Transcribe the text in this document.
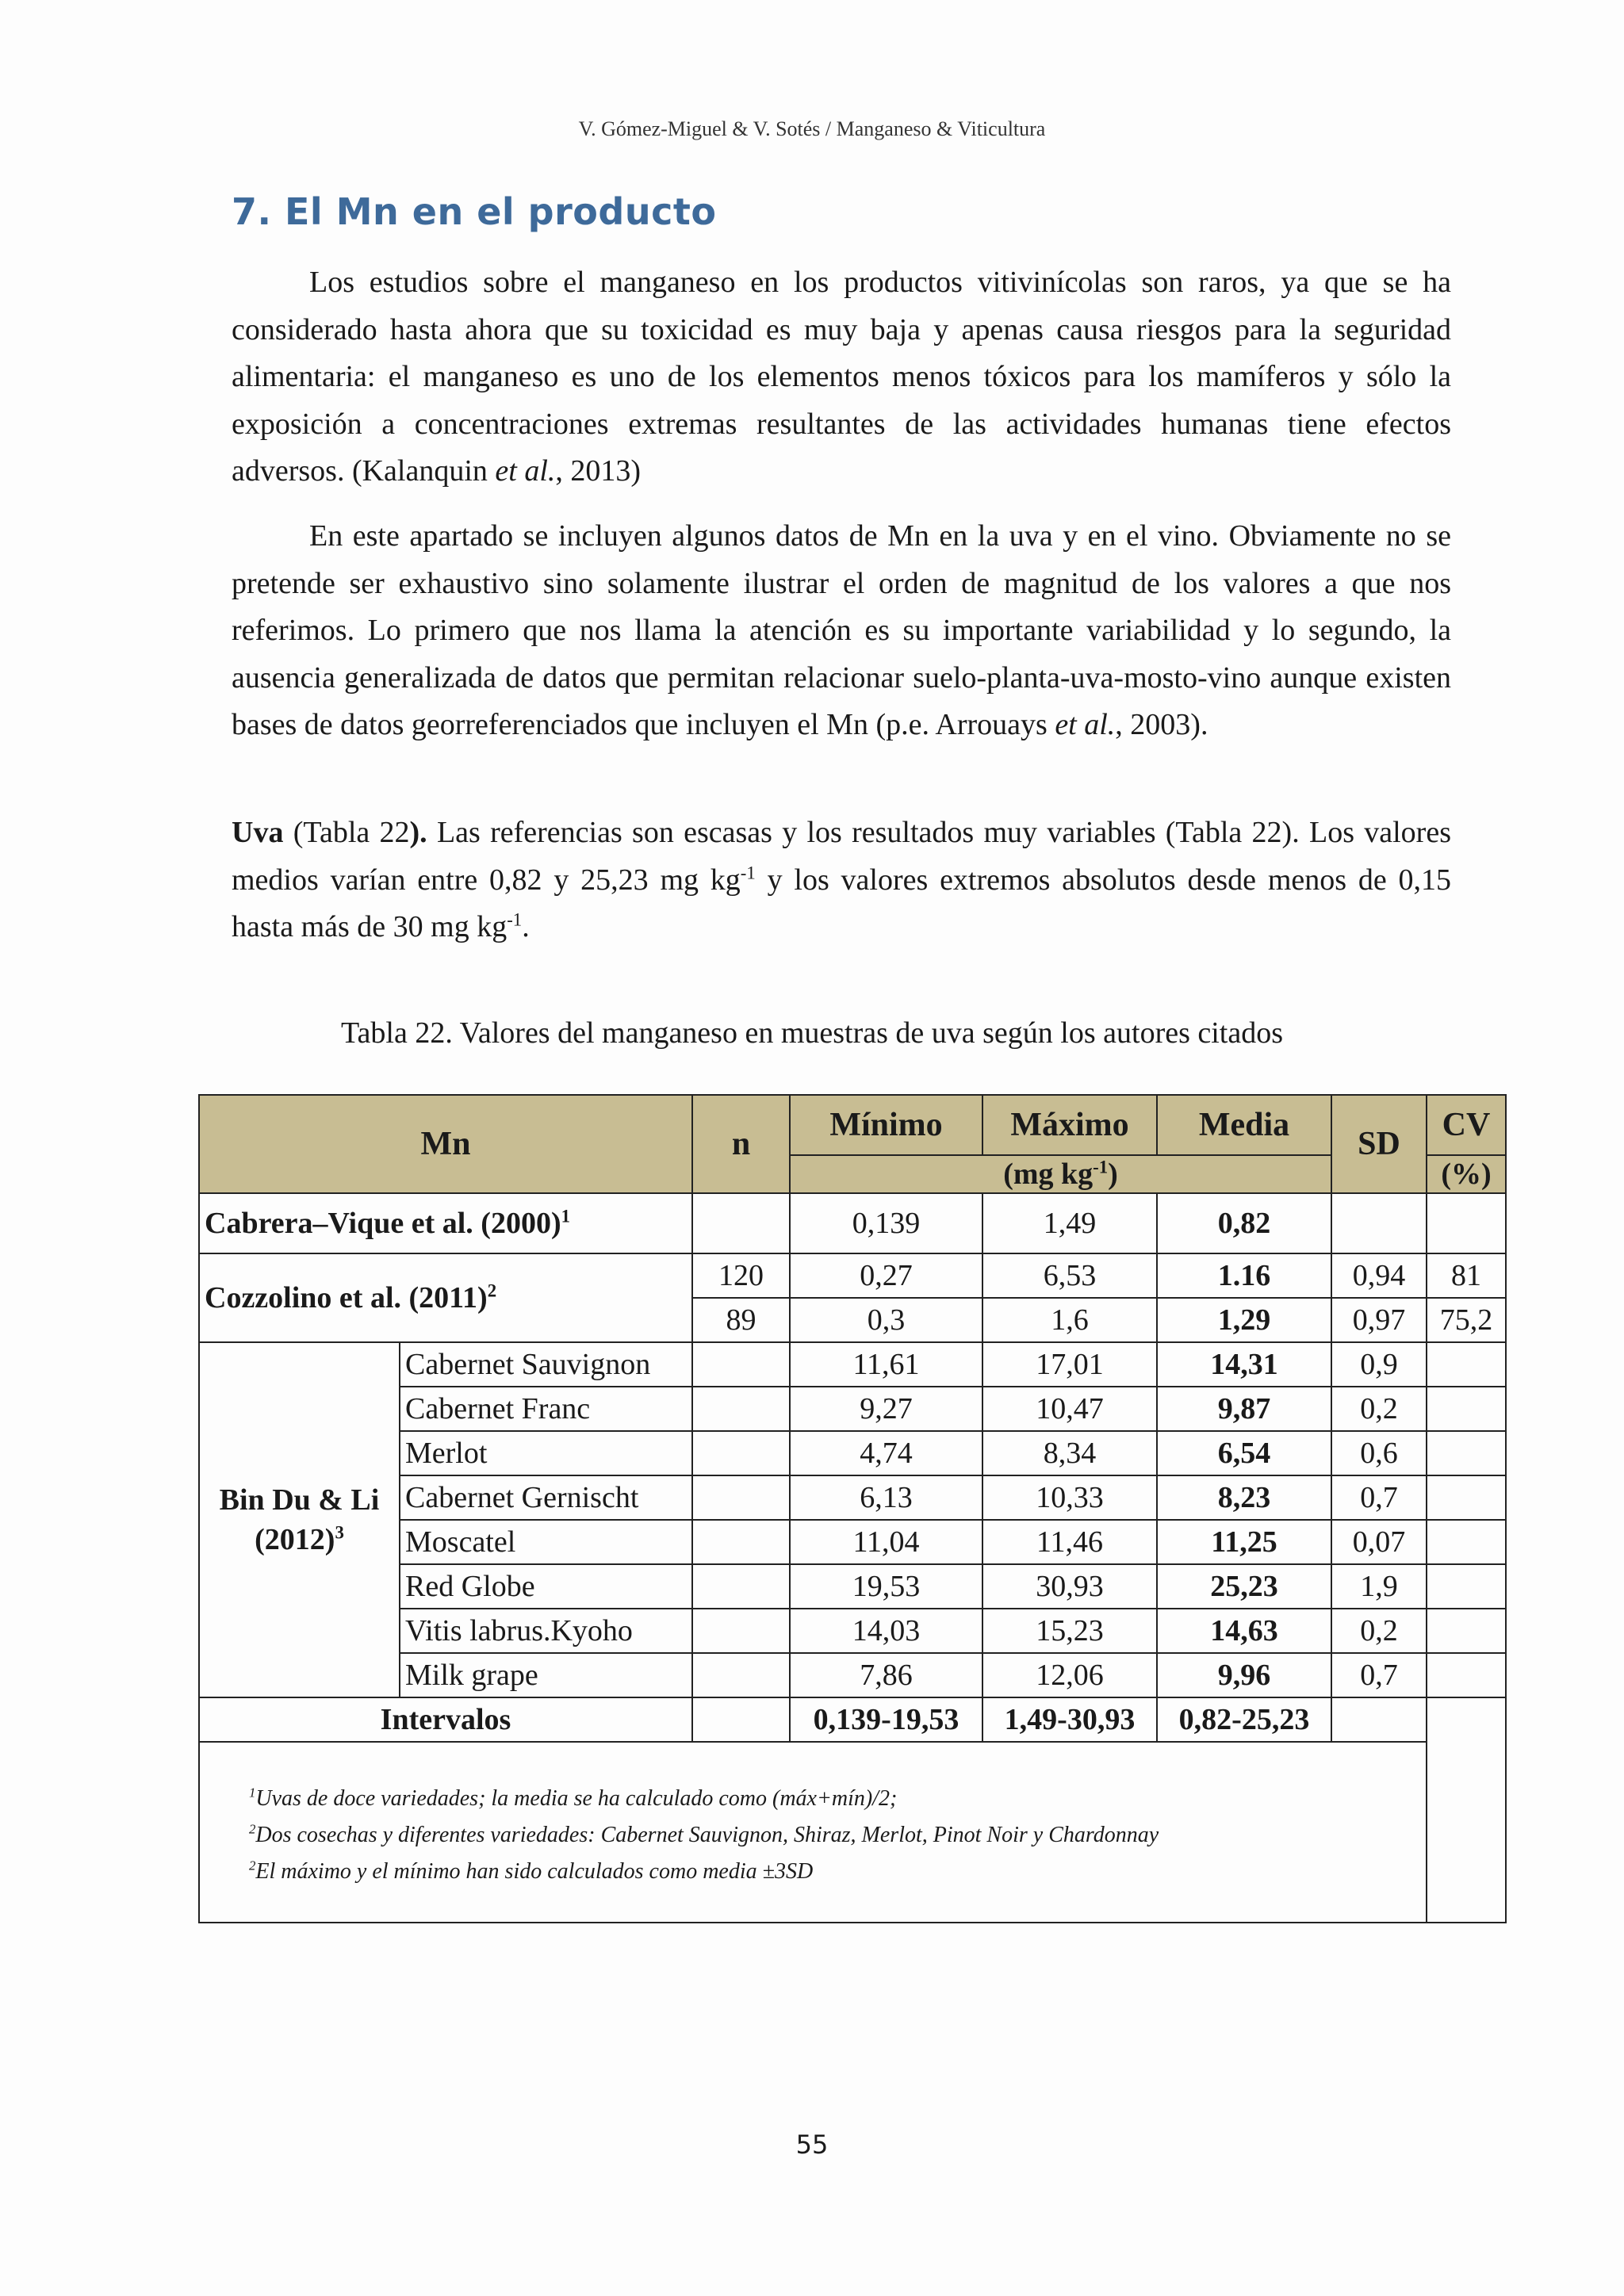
V. Gómez-Miguel & V. Sotés / Manganeso & Viticultura
7. El Mn en el producto
Los estudios sobre el manganeso en los productos vitivinícolas son raros, ya que se ha considerado hasta ahora que su toxicidad es muy baja y apenas causa riesgos para la seguridad alimentaria: el manganeso es uno de los elementos menos tóxicos para los mamíferos y sólo la exposición a concentraciones extremas resultantes de las actividades humanas tiene efectos adversos. (Kalanquin et al., 2013)
En este apartado se incluyen algunos datos de Mn en la uva y en el vino. Obviamente no se pretende ser exhaustivo sino solamente ilustrar el orden de magnitud de los valores a que nos referimos. Lo primero que nos llama la atención es su importante variabilidad y lo segundo, la ausencia generalizada de datos que permitan relacionar suelo-planta-uva-mosto-vino aunque existen bases de datos georreferenciados que incluyen el Mn (p.e. Arrouays et al., 2003).
Uva (Tabla 22). Las referencias son escasas y los resultados muy variables (Tabla 22). Los valores medios varían entre 0,82 y 25,23 mg $kg^{-1}$ y los valores extremos absolutos desde menos de 0,15 hasta más de 30 mg $kg^{-1}$.
Tabla 22. Valores del manganeso en muestras de uva según los autores citados
Mn		n	Mínimo	Máximo	Media	SD	CV
			(mg $kg^{-1}$)				(%)
Cabrera–Vique et al. $(2000)^1$			0,139	1,49	0,82		
Cozzolino et al. $(2011)^2$		120	0,27	6,53	1.16	0,94	81
		89	0,3	1,6	1,29	0,97	75,2
Bin Du & Li
$(2012)^3$	Cabernet Sauvignon		11,61	17,01	14,31	0,9	
	Cabernet Franc		9,27	10,47	9,87	0,2	
	Merlot		4,74	8,34	6,54	0,6	
	Cabernet Gernischt		6,13	10,33	8,23	0,7	
	Moscatel		11,04	11,46	11,25	0,07	
	Red Globe		19,53	30,93	25,23	1,9	
	Vitis labrus.Kyoho		14,03	15,23	14,63	0,2	
	Milk grape		7,86	12,06	9,96	0,7	
Intervalos			0,139-19,53	1,49-30,93	0,82-25,23		

$^1$Uvas de doce variedades; la media se ha calculado como (máx+mín)/2;
$^2$Dos cosechas y diferentes variedades: Cabernet Sauvignon, Shiraz, Merlot, Pinot Noir y Chardonnay
$^2$El máximo y el mínimo han sido calculados como media ±3SD							
55
